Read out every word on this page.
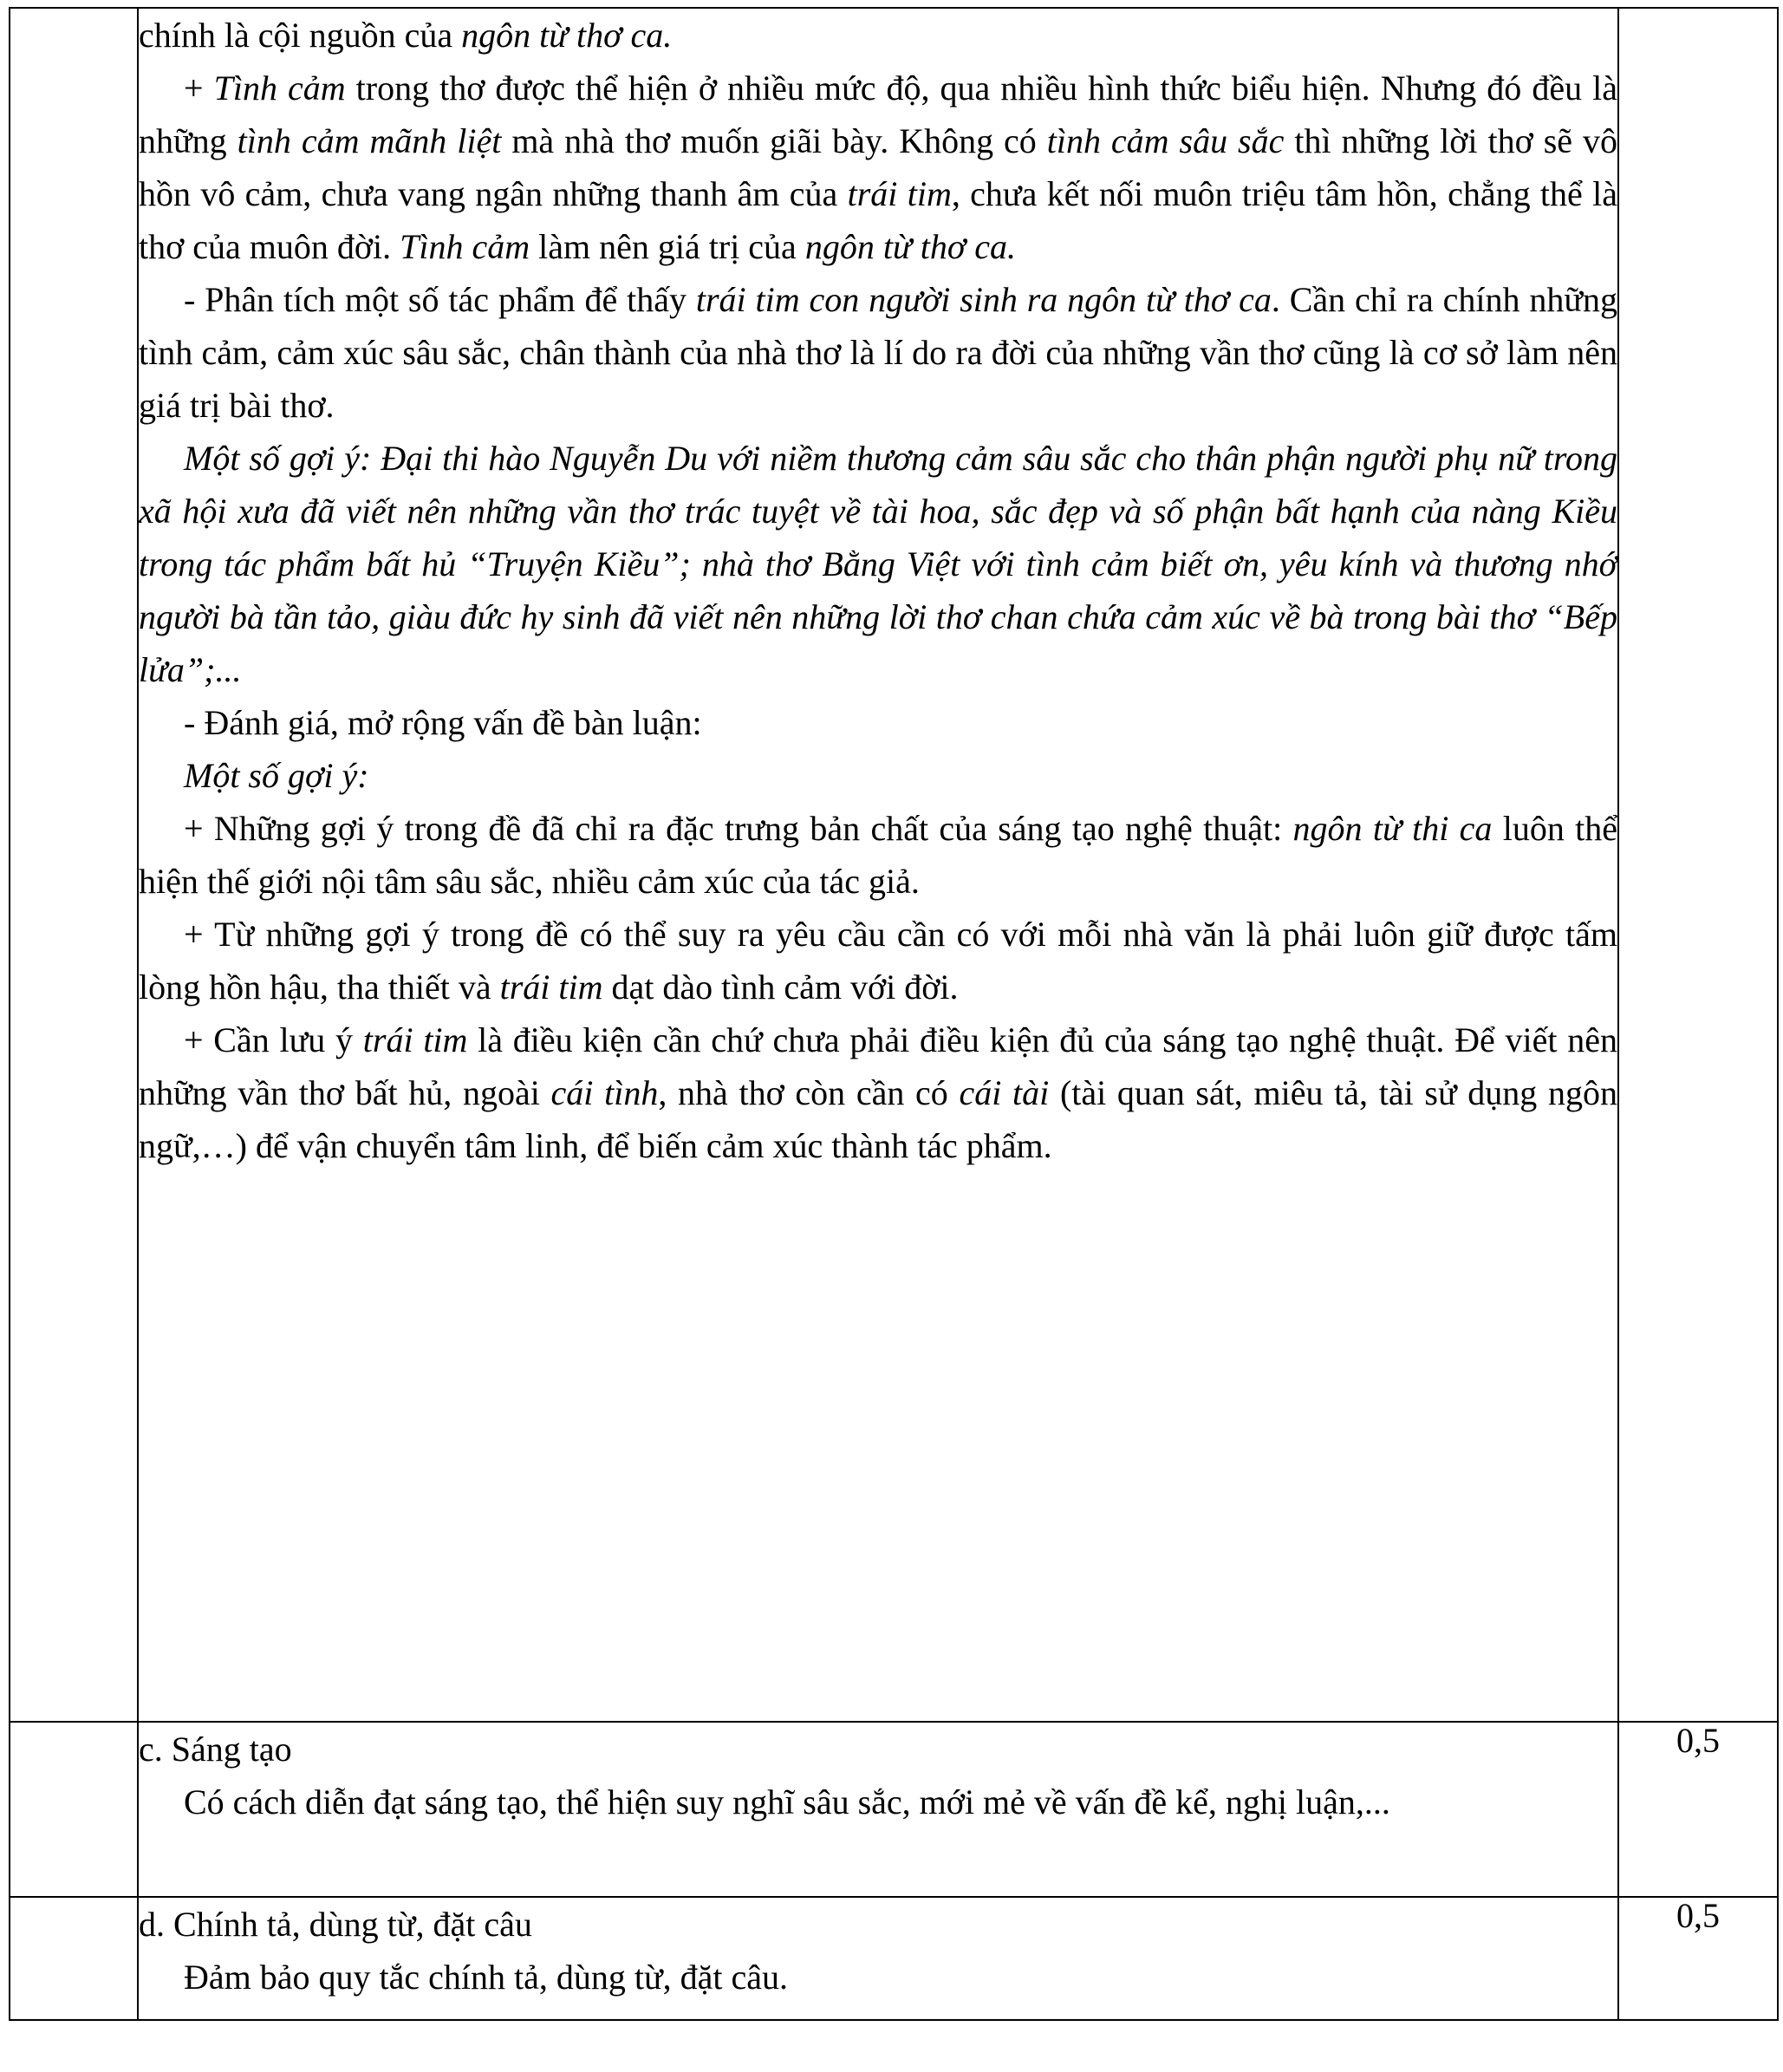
chính là cội nguồn của ngôn từ thơ ca.

+ Tình cảm trong thơ được thể hiện ở nhiều mức độ, qua nhiều hình thức biểu hiện. Nhưng đó đều là những tình cảm mãnh liệt mà nhà thơ muốn giãi bày. Không có tình cảm sâu sắc thì những lời thơ sẽ vô hồn vô cảm, chưa vang ngân những thanh âm của trái tim, chưa kết nối muôn triệu tâm hồn, chẳng thể là thơ của muôn đời. Tình cảm làm nên giá trị của ngôn từ thơ ca.

- Phân tích một số tác phẩm để thấy trái tim con người sinh ra ngôn từ thơ ca. Cần chỉ ra chính những tình cảm, cảm xúc sâu sắc, chân thành của nhà thơ là lí do ra đời của những vần thơ cũng là cơ sở làm nên giá trị bài thơ.

Một số gợi ý: Đại thi hào Nguyễn Du với niềm thương cảm sâu sắc cho thân phận người phụ nữ trong xã hội xưa đã viết nên những vần thơ trác tuyệt về tài hoa, sắc đẹp và số phận bất hạnh của nàng Kiều trong tác phẩm bất hủ “Truyện Kiều”; nhà thơ Bằng Việt với tình cảm biết ơn, yêu kính và thương nhớ người bà tần tảo, giàu đức hy sinh đã viết nên những lời thơ chan chứa cảm xúc về bà trong bài thơ “Bếp lửa”;...

- Đánh giá, mở rộng vấn đề bàn luận:

Một số gợi ý:

+ Những gợi ý trong đề đã chỉ ra đặc trưng bản chất của sáng tạo nghệ thuật: ngôn từ thi ca luôn thể hiện thế giới nội tâm sâu sắc, nhiều cảm xúc của tác giả.

+ Từ những gợi ý trong đề có thể suy ra yêu cầu cần có với mỗi nhà văn là phải luôn giữ được tấm lòng hồn hậu, tha thiết và trái tim dạt dào tình cảm với đời.

+ Cần lưu ý trái tim là điều kiện cần chứ chưa phải điều kiện đủ của sáng tạo nghệ thuật. Để viết nên những vần thơ bất hủ, ngoài cái tình, nhà thơ còn cần có cái tài (tài quan sát, miêu tả, tài sử dụng ngôn ngữ,…) để vận chuyển tâm linh, để biến cảm xúc thành tác phẩm.

	c. Sáng tạo

Có cách diễn đạt sáng tạo, thể hiện suy nghĩ sâu sắc, mới mẻ về vấn đề kể, nghị luận,...	0,5

	d. Chính tả, dùng từ, đặt câu

Đảm bảo quy tắc chính tả, dùng từ, đặt câu.	0,5
